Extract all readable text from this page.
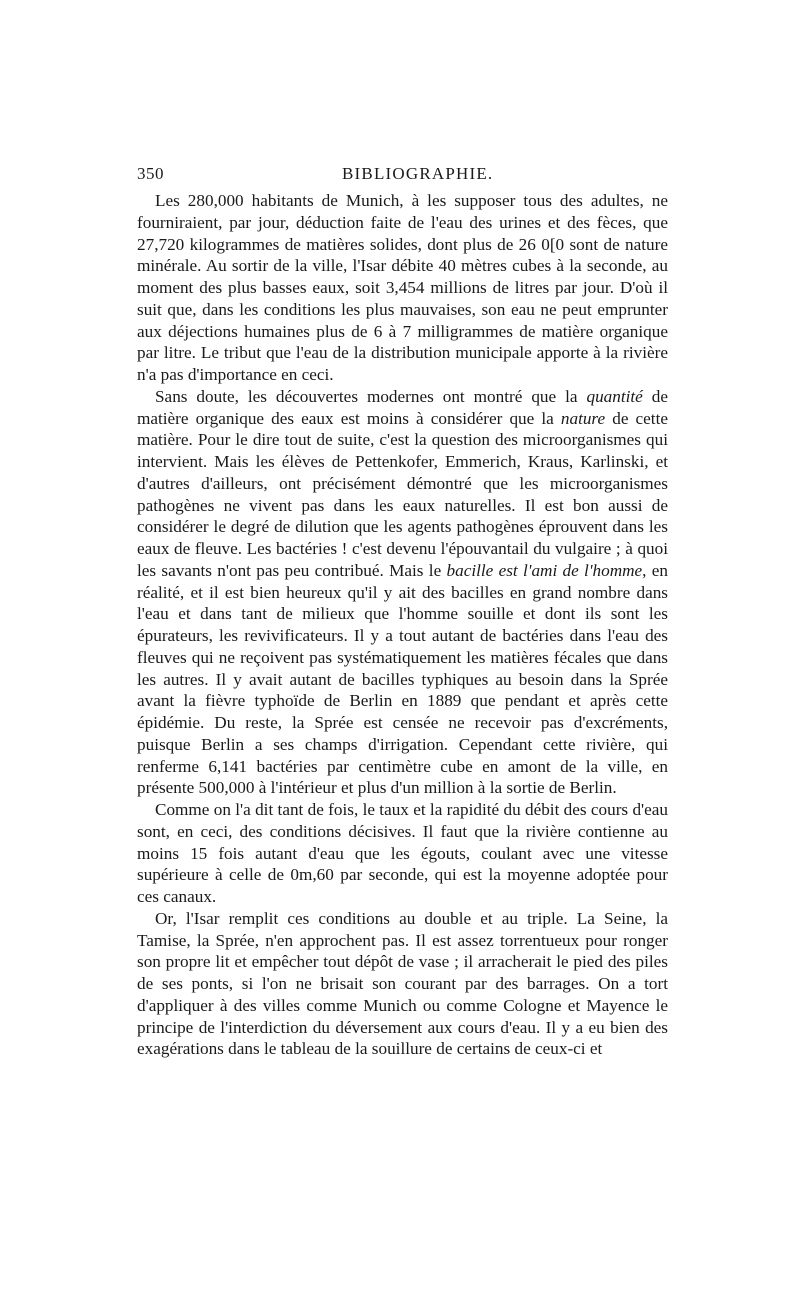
350	BIBLIOGRAPHIE.

Les 280,000 habitants de Munich, à les supposer tous des adultes, ne fourniraient, par jour, déduction faite de l'eau des urines et des fèces, que 27,720 kilogrammes de matières solides, dont plus de 26 0[0 sont de nature minérale. Au sortir de la ville, l'Isar débite 40 mètres cubes à la seconde, au moment des plus basses eaux, soit 3,454 millions de litres par jour. D'où il suit que, dans les conditions les plus mauvaises, son eau ne peut emprunter aux déjections humaines plus de 6 à 7 milligrammes de matière organique par litre. Le tribut que l'eau de la distribution municipale apporte à la rivière n'a pas d'importance en ceci.

Sans doute, les découvertes modernes ont montré que la quantité de matière organique des eaux est moins à considérer que la nature de cette matière. Pour le dire tout de suite, c'est la question des microorganismes qui intervient. Mais les élèves de Pettenkofer, Emmerich, Kraus, Karlinski, et d'autres d'ailleurs, ont précisément démontré que les microorganismes pathogènes ne vivent pas dans les eaux naturelles. Il est bon aussi de considérer le degré de dilution que les agents pathogènes éprouvent dans les eaux de fleuve. Les bactéries ! c'est devenu l'épouvantail du vulgaire ; à quoi les savants n'ont pas peu contribué. Mais le bacille est l'ami de l'homme, en réalité, et il est bien heureux qu'il y ait des bacilles en grand nombre dans l'eau et dans tant de milieux que l'homme souille et dont ils sont les épurateurs, les revivificateurs. Il y a tout autant de bactéries dans l'eau des fleuves qui ne reçoivent pas systématiquement les matières fécales que dans les autres. Il y avait autant de bacilles typhiques au besoin dans la Sprée avant la fièvre typhoïde de Berlin en 1889 que pendant et après cette épidémie. Du reste, la Sprée est censée ne recevoir pas d'excréments, puisque Berlin a ses champs d'irrigation. Cependant cette rivière, qui renferme 6,141 bactéries par centimètre cube en amont de la ville, en présente 500,000 à l'intérieur et plus d'un million à la sortie de Berlin.

Comme on l'a dit tant de fois, le taux et la rapidité du débit des cours d'eau sont, en ceci, des conditions décisives. Il faut que la rivière contienne au moins 15 fois autant d'eau que les égouts, coulant avec une vitesse supérieure à celle de 0m,60 par seconde, qui est la moyenne adoptée pour ces canaux.

Or, l'Isar remplit ces conditions au double et au triple. La Seine, la Tamise, la Sprée, n'en approchent pas. Il est assez torrentueux pour ronger son propre lit et empêcher tout dépôt de vase ; il arracherait le pied des piles de ses ponts, si l'on ne brisait son courant par des barrages. On a tort d'appliquer à des villes comme Munich ou comme Cologne et Mayence le principe de l'interdiction du déversement aux cours d'eau. Il y a eu bien des exagérations dans le tableau de la souillure de certains de ceux-ci et
